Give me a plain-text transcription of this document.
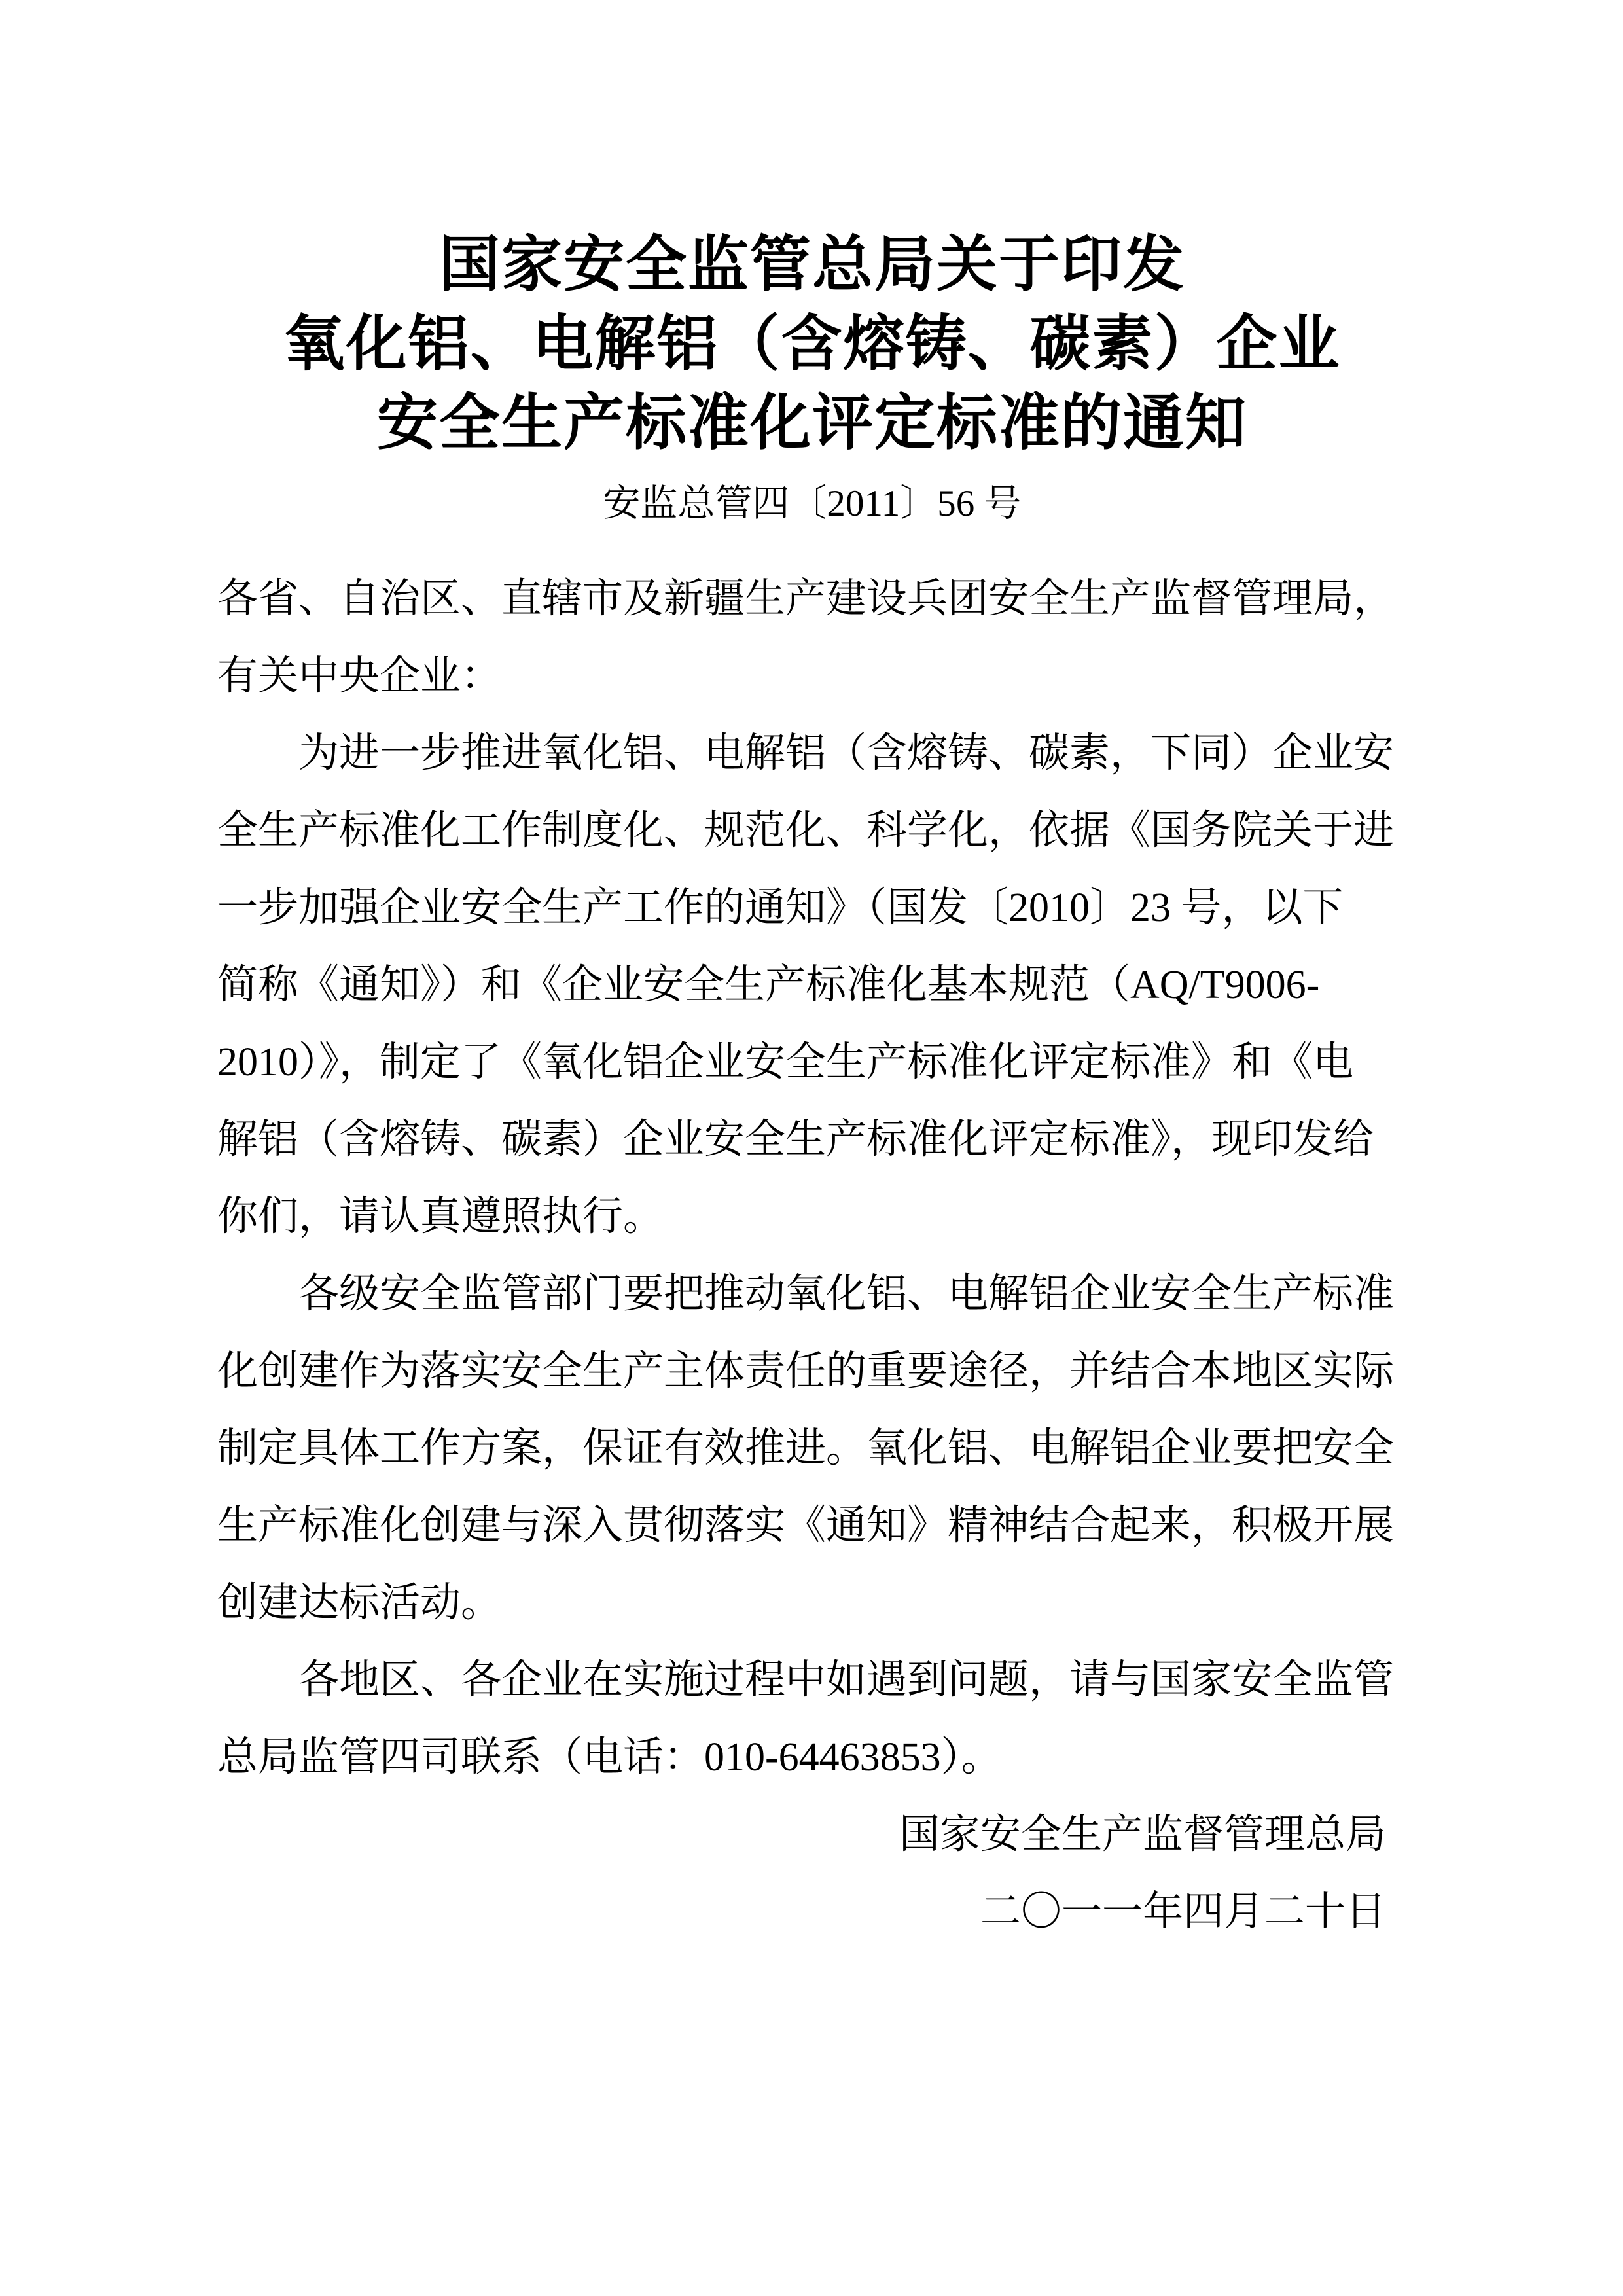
国家安全监管总局关于印发
氧化铝、电解铝（含熔铸、碳素）企业
安全生产标准化评定标准的通知
安监总管四〔2011〕56 号
各省、自治区、直辖市及新疆生产建设兵团安全生产监督管理局，
有关中央企业：
　　为进一步推进氧化铝、电解铝（含熔铸、碳素，下同）企业安
全生产标准化工作制度化、规范化、科学化，依据《国务院关于进
一步加强企业安全生产工作的通知》（国发〔2010〕23 号，以下
简称《通知》）和《企业安全生产标准化基本规范（AQ/T9006-
2010）》，制定了《氧化铝企业安全生产标准化评定标准》和《电
解铝（含熔铸、碳素）企业安全生产标准化评定标准》，现印发给
你们，请认真遵照执行。
　　各级安全监管部门要把推动氧化铝、电解铝企业安全生产标准
化创建作为落实安全生产主体责任的重要途径，并结合本地区实际
制定具体工作方案，保证有效推进。氧化铝、电解铝企业要把安全
生产标准化创建与深入贯彻落实《通知》精神结合起来，积极开展
创建达标活动。
　　各地区、各企业在实施过程中如遇到问题，请与国家安全监管
总局监管四司联系（电话：010-64463853）。
国家安全生产监督管理总局
二〇一一年四月二十日
